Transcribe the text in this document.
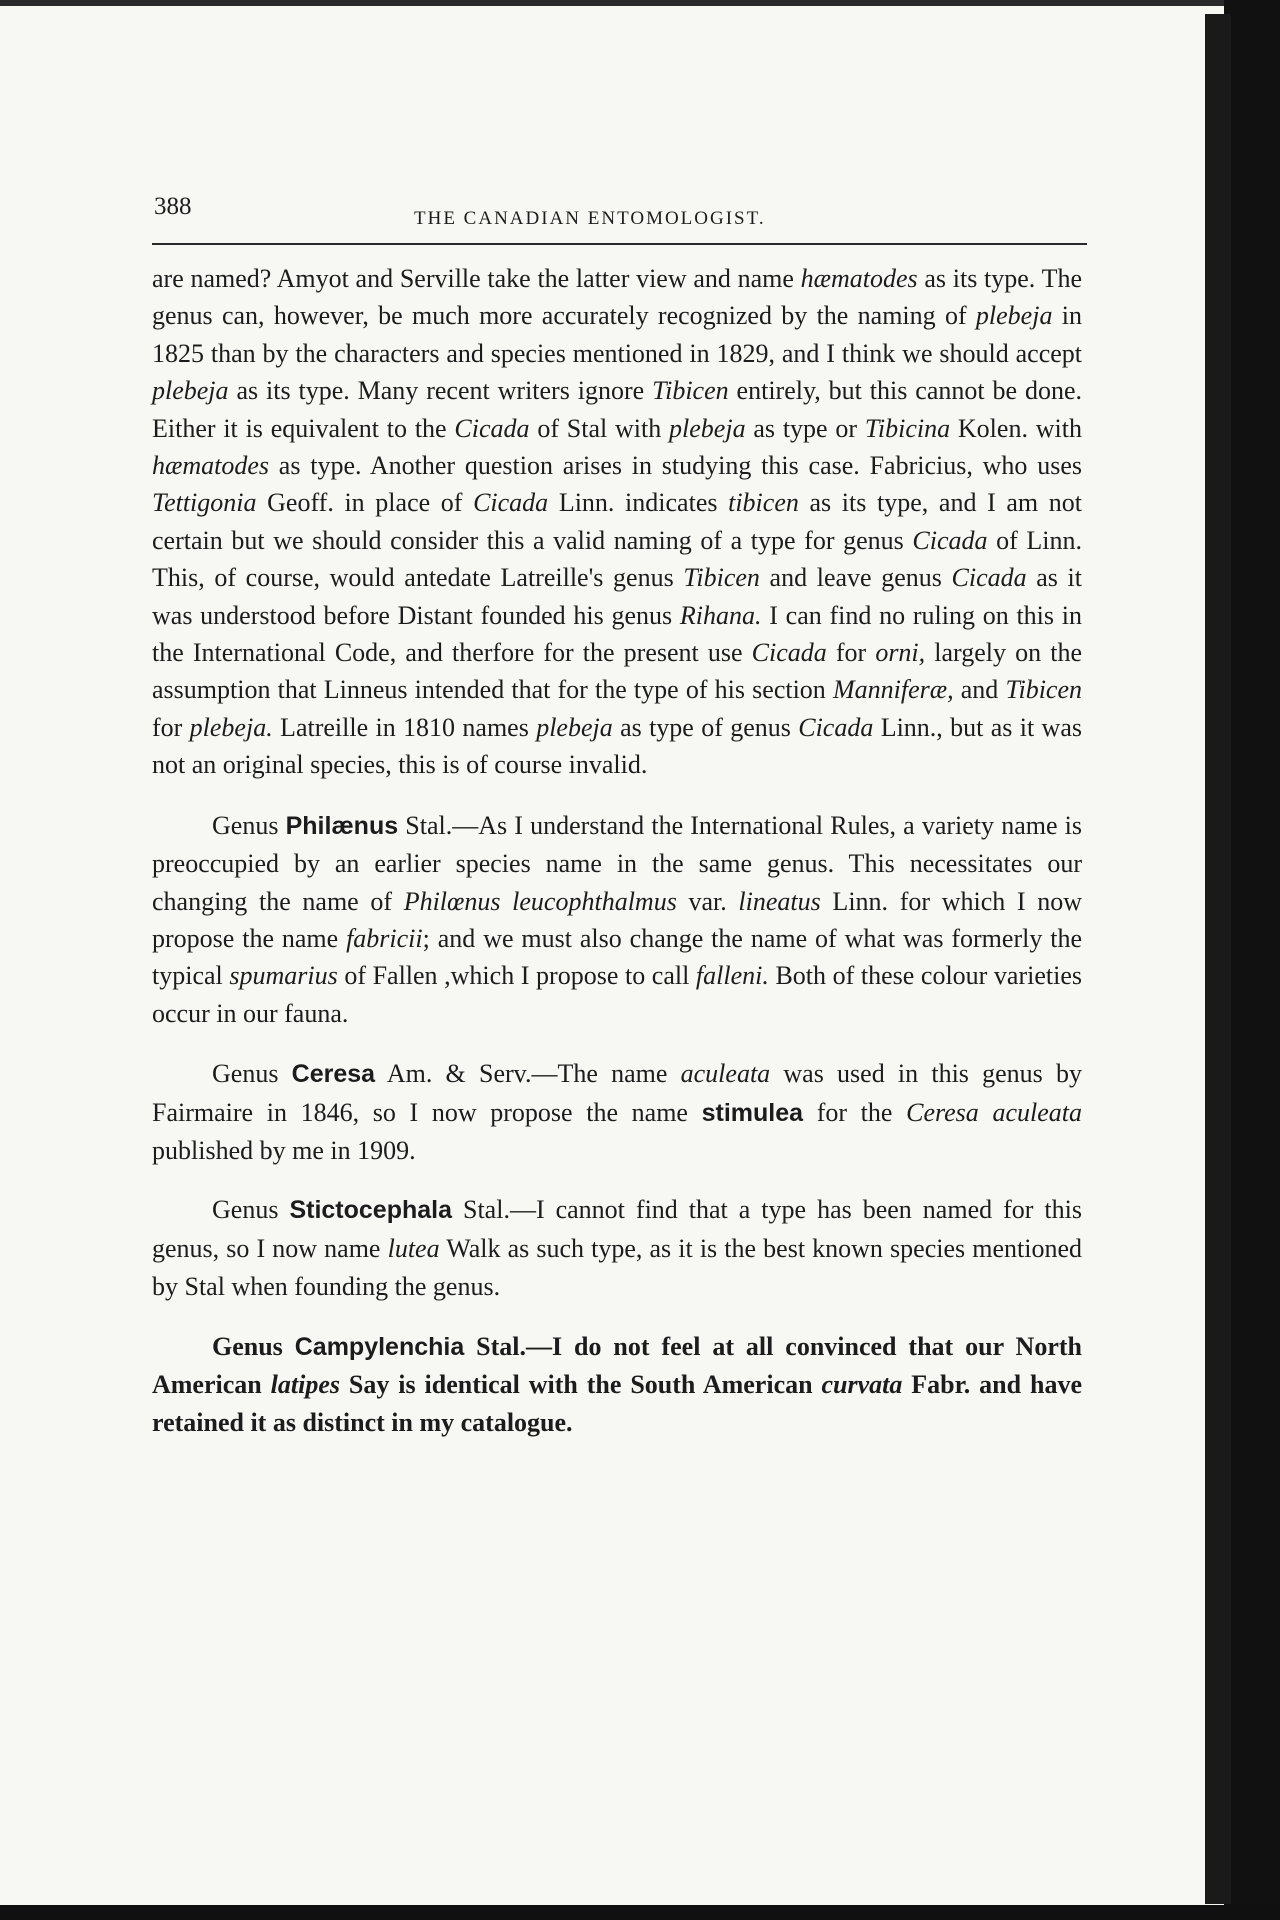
388	THE CANADIAN ENTOMOLOGIST.

are named? Amyot and Serville take the latter view and name hæmatodes as its type. The genus can, however, be much more accurately recognized by the naming of plebeja in 1825 than by the characters and species mentioned in 1829, and I think we should accept plebeja as its type. Many recent writers ignore Tibicen entirely, but this cannot be done. Either it is equivalent to the Cicada of Stal with plebeja as type or Tibicina Kolen. with hæmatodes as type. Another question arises in studying this case. Fabricius, who uses Tettigonia Geoff. in place of Cicada Linn. indicates tibicen as its type, and I am not certain but we should consider this a valid naming of a type for genus Cicada of Linn. This, of course, would antedate Latreille's genus Tibicen and leave genus Cicada as it was understood before Distant founded his genus Rihana. I can find no ruling on this in the International Code, and therfore for the present use Cicada for orni, largely on the assumption that Linneus intended that for the type of his section Manniferæ, and Tibicen for plebeja. Latreille in 1810 names plebeja as type of genus Cicada Linn., but as it was not an original species, this is of course invalid.

Genus Philænus Stal.—As I understand the International Rules, a variety name is preoccupied by an earlier species name in the same genus. This necessitates our changing the name of Philœnus leucophthalmus var. lineatus Linn. for which I now propose the name fabricii; and we must also change the name of what was formerly the typical spumarius of Fallen ,which I propose to call falleni. Both of these colour varieties occur in our fauna.

Genus Ceresa Am. & Serv.—The name aculeata was used in this genus by Fairmaire in 1846, so I now propose the name stimulea for the Ceresa aculeata published by me in 1909.

Genus Stictocephala Stal.—I cannot find that a type has been named for this genus, so I now name lutea Walk as such type, as it is the best known species mentioned by Stal when founding the genus.

Genus Campylenchia Stal.—I do not feel at all convinced that our North American latipes Say is identical with the South American curvata Fabr. and have retained it as distinct in my catalogue.
